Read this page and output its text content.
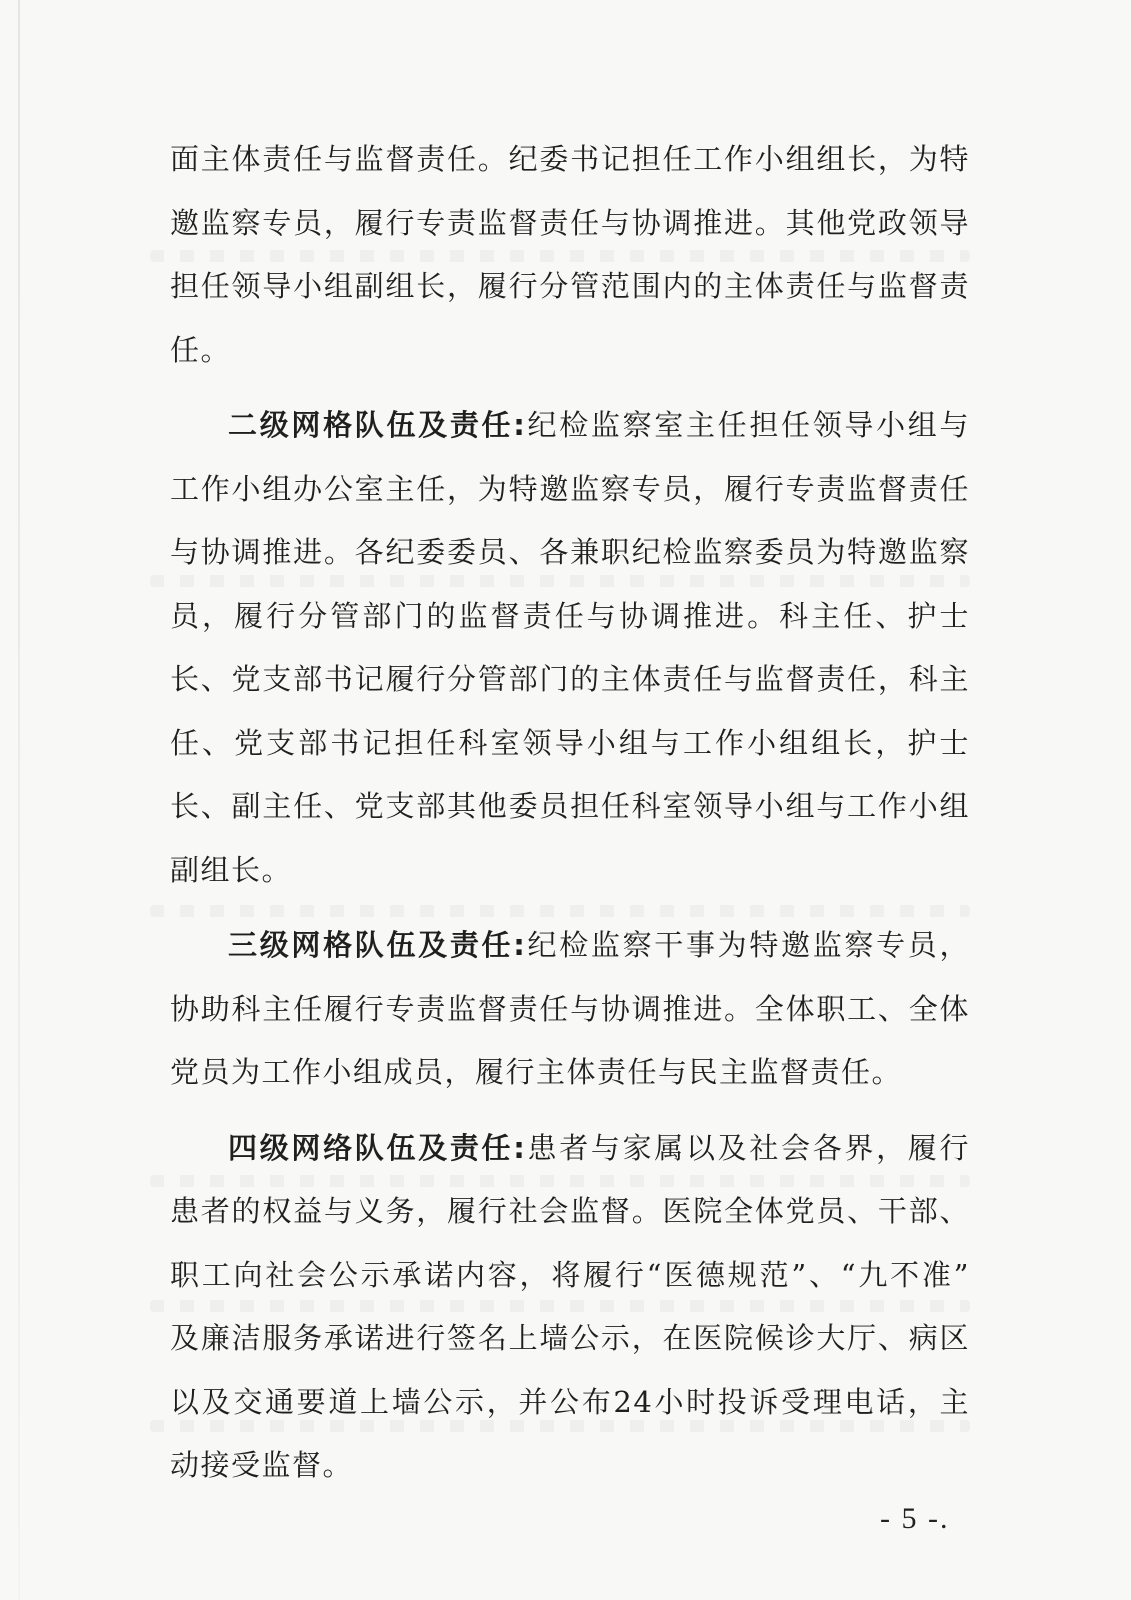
面主体责任与监督责任。纪委书记担任工作小组组长，为特邀监察专员，履行专责监督责任与协调推进。其他党政领导担任领导小组副组长，履行分管范围内的主体责任与监督责任。

二级网格队伍及责任:纪检监察室主任担任领导小组与工作小组办公室主任，为特邀监察专员，履行专责监督责任与协调推进。各纪委委员、各兼职纪检监察委员为特邀监察员，履行分管部门的监督责任与协调推进。科主任、护士长、党支部书记履行分管部门的主体责任与监督责任，科主任、党支部书记担任科室领导小组与工作小组组长，护士长、副主任、党支部其他委员担任科室领导小组与工作小组副组长。

三级网格队伍及责任:纪检监察干事为特邀监察专员，协助科主任履行专责监督责任与协调推进。全体职工、全体党员为工作小组成员，履行主体责任与民主监督责任。

四级网络队伍及责任:患者与家属以及社会各界，履行患者的权益与义务，履行社会监督。医院全体党员、干部、职工向社会公示承诺内容，将履行“医德规范”、“九不准” 及廉洁服务承诺进行签名上墙公示，在医院候诊大厅、病区以及交通要道上墙公示，并公布24小时投诉受理电话，主动接受监督。

- 5 -.
